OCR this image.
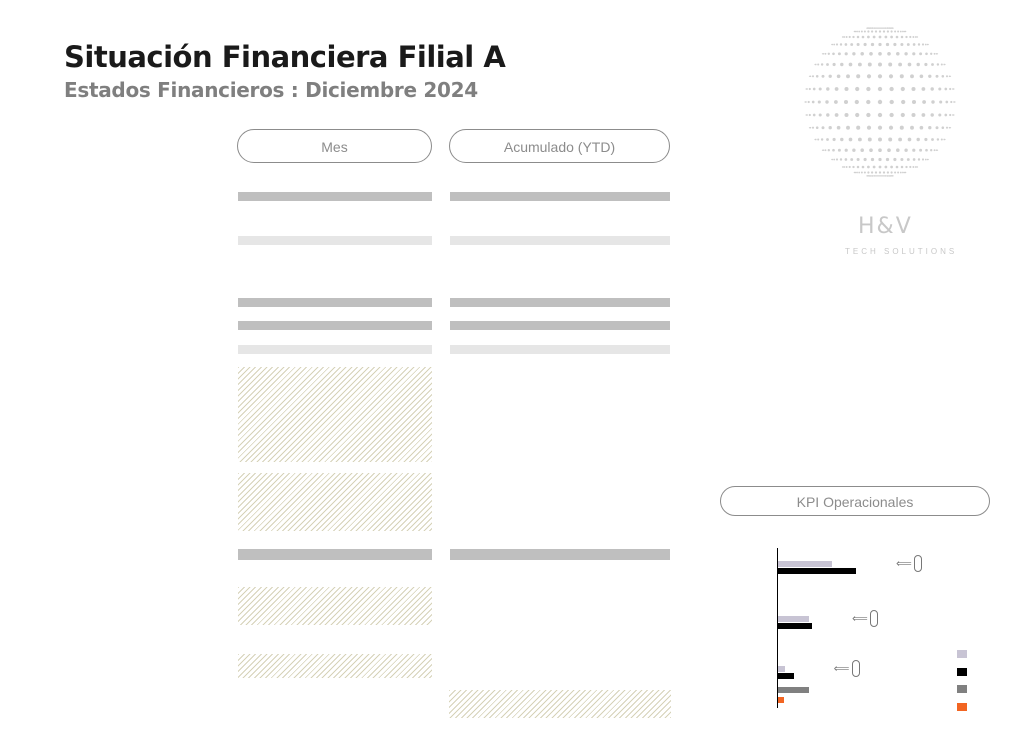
Situación Financiera Filial A
Estados Financieros : Diciembre 2024
H&V
TECH SOLUTIONS
Mes	Acumulado (YTD)
KPI Operacionales
⟸
⟸
⟸
